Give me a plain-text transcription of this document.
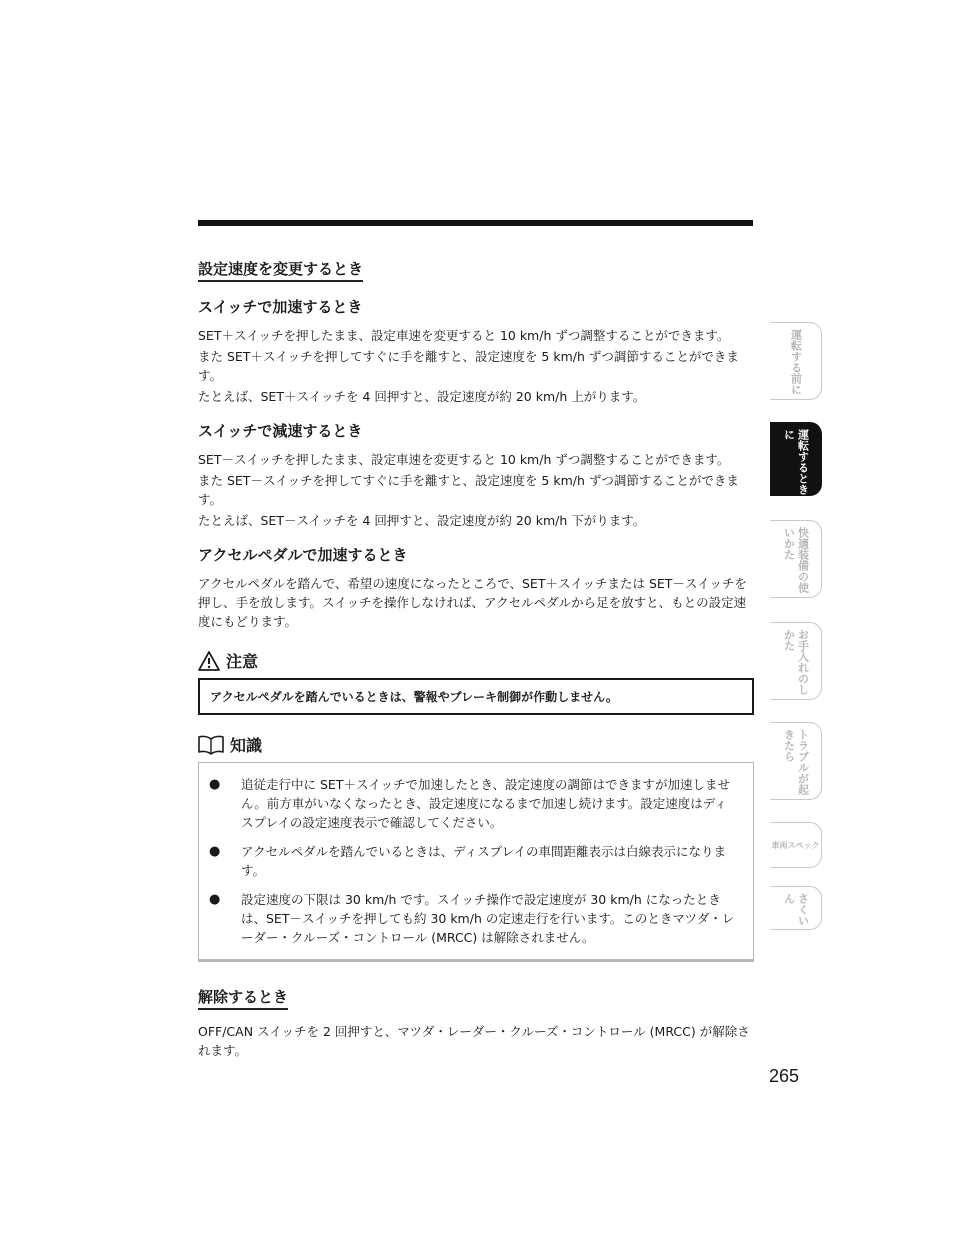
設定速度を変更するとき
スイッチで加速するとき

SET＋スイッチを押したまま、設定車速を変更すると 10 km/h ずつ調整することができます。

また SET＋スイッチを押してすぐに手を離すと、設定速度を 5 km/h ずつ調節することができます。

たとえば、SET＋スイッチを 4 回押すと、設定速度が約 20 km/h 上がります。

スイッチで減速するとき

SET－スイッチを押したまま、設定車速を変更すると 10 km/h ずつ調整することができます。

また SET－スイッチを押してすぐに手を離すと、設定速度を 5 km/h ずつ調節することができます。

たとえば、SET－スイッチを 4 回押すと、設定速度が約 20 km/h 下がります。

アクセルペダルで加速するとき

アクセルペダルを踏んで、希望の速度になったところで、SET＋スイッチまたは SET－スイッチを押し、手を放します。スイッチを操作しなければ、アクセルペダルから足を放すと、もとの設定速度にもどります。

注意
アクセルペダルを踏んでいるときは、警報やブレーキ制御が作動しません。
知識
●	追従走行中に SET＋スイッチで加速したとき、設定速度の調節はできますが加速しません。前方車がいなくなったとき、設定速度になるまで加速し続けます。設定速度はディスプレイの設定速度表示で確認してください。
●	アクセルペダルを踏んでいるときは、ディスプレイの車間距離表示は白線表示になります。
●	設定速度の下限は 30 km/h です。スイッチ操作で設定速度が 30 km/h になったときは、SET－スイッチを押しても約 30 km/h の定速走行を行います。このときマツダ・レーダー・クルーズ・コントロール (MRCC) は解除されません。
解除するとき

OFF/CAN スイッチを 2 回押すと、マツダ・レーダー・クルーズ・コントロール (MRCC) が解除されます。

運転する前に
運転するときに
快適装備の使いかた
お手入れのしかた
トラブルが起きたら
車両スペック
さくいん
265
